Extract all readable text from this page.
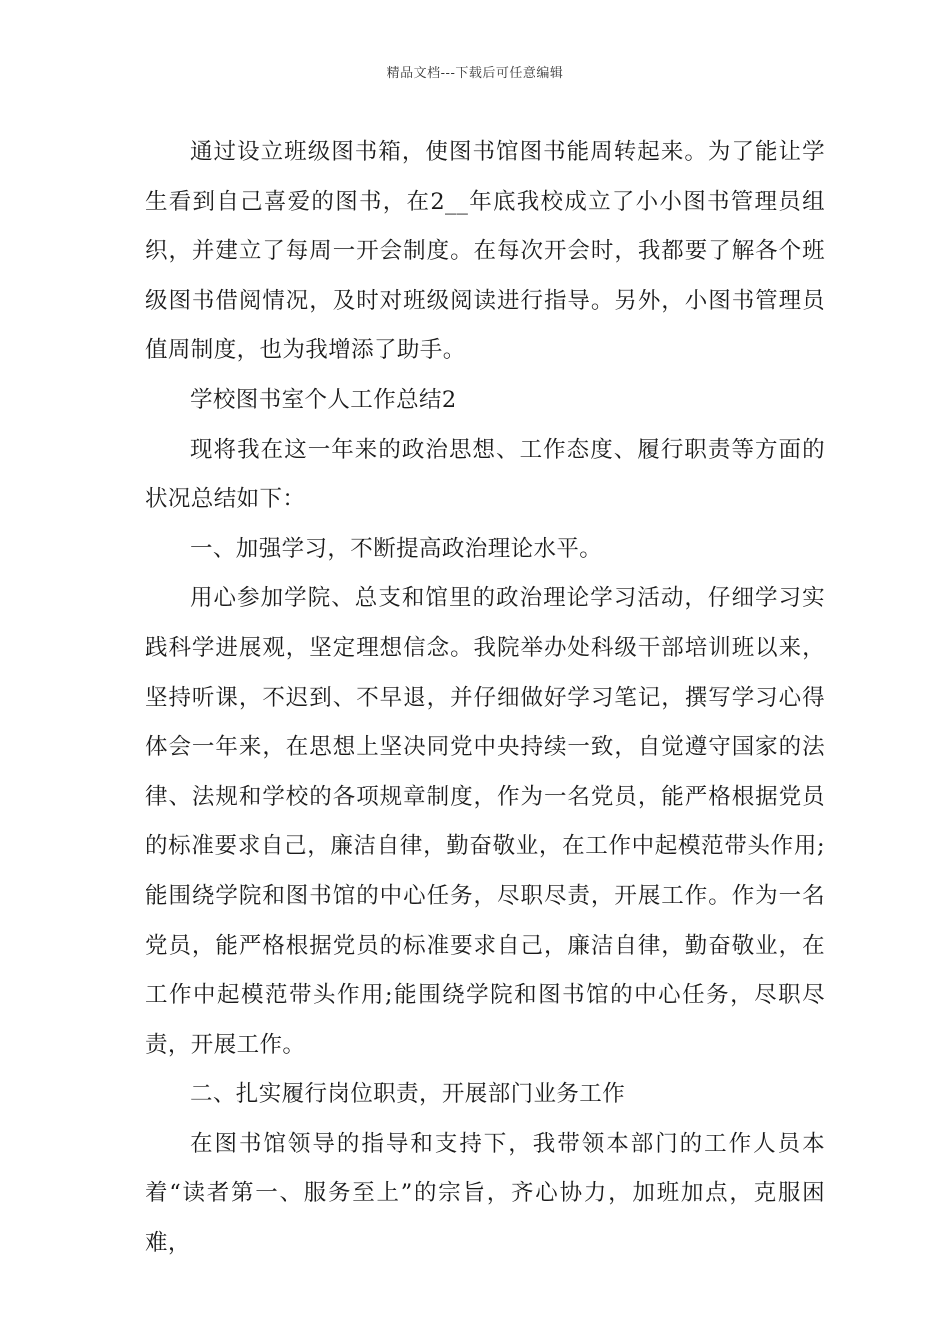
精品文档---下载后可任意编辑

通过设立班级图书箱，使图书馆图书能周转起来。为了能让学生看到自己喜爱的图书，在2__年底我校成立了小小图书管理员组织，并建立了每周一开会制度。在每次开会时，我都要了解各个班级图书借阅情况，及时对班级阅读进行指导。另外，小图书管理员值周制度，也为我增添了助手。

学校图书室个人工作总结2

现将我在这一年来的政治思想、工作态度、履行职责等方面的状况总结如下：

一、加强学习，不断提高政治理论水平。

用心参加学院、总支和馆里的政治理论学习活动，仔细学习实践科学进展观，坚定理想信念。我院举办处科级干部培训班以来，坚持听课，不迟到、不早退，并仔细做好学习笔记，撰写学习心得体会一年来，在思想上坚决同党中央持续一致，自觉遵守国家的法律、法规和学校的各项规章制度，作为一名党员，能严格根据党员的标准要求自己，廉洁自律，勤奋敬业，在工作中起模范带头作用;能围绕学院和图书馆的中心任务，尽职尽责，开展工作。作为一名党员，能严格根据党员的标准要求自己，廉洁自律，勤奋敬业，在工作中起模范带头作用;能围绕学院和图书馆的中心任务，尽职尽责，开展工作。

二、扎实履行岗位职责，开展部门业务工作

在图书馆领导的指导和支持下，我带领本部门的工作人员本着“读者第一、服务至上”的宗旨，齐心协力，加班加点，克服困难，
